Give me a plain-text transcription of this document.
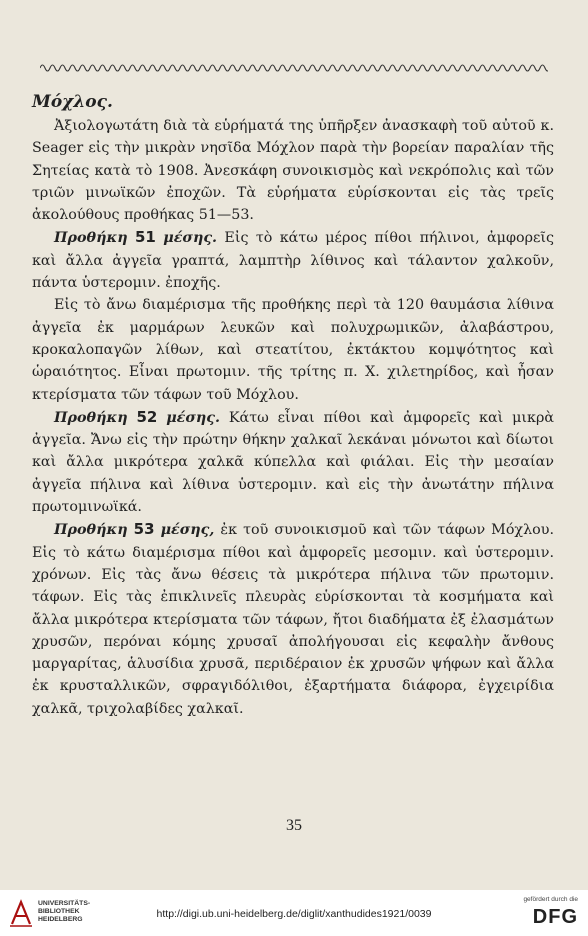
Μόχλος.

Ἀξιολογωτάτη διὰ τὰ εὑρήματά της ὑπῆρξεν ἀνασκαφὴ τοῦ αὐτοῦ κ. Seager εἰς τὴν μικρὰν νησῖδα Μόχλον παρὰ τὴν βορείαν παραλίαν τῆς Σητείας κατὰ τὸ 1908. Ἀνεσκάφη συνοικισμὸς καὶ νεκρόπολις καὶ τῶν τριῶν μινωϊκῶν ἐποχῶν. Τὰ εὑρήματα εὑρίσκονται εἰς τὰς τρεῖς ἀκολούθους προθήκας 51—53.

Προθήκη 51 μέσης. Εἰς τὸ κάτω μέρος πίθοι πήλινοι, ἀμφορεῖς καὶ ἄλλα ἀγγεῖα γραπτά, λαμπτὴρ λίθινος καὶ τάλαντον χαλκοῦν, πάντα ὑστερομιν. ἐποχῆς.

Εἰς τὸ ἄνω διαμέρισμα τῆς προθήκης περὶ τὰ 120 θαυμάσια λίθινα ἀγγεῖα ἐκ μαρμάρων λευκῶν καὶ πολυχρωμικῶν, ἀλαβάστρου, κροκαλοπαγῶν λίθων, καὶ στεατίτου, ἐκτάκτου κομψότητος καὶ ὡραιότητος. Εἶναι πρωτομιν. τῆς τρίτης π. Χ. χιλετηρίδος, καὶ ἦσαν κτερίσματα τῶν τάφων τοῦ Μόχλου.

Προθήκη 52 μέσης. Κάτω εἶναι πίθοι καὶ ἀμφορεῖς καὶ μικρὰ ἀγγεῖα. Ἄνω εἰς τὴν πρώτην θήκην χαλκαῖ λεκάναι μόνωτοι καὶ δίωτοι καὶ ἄλλα μικρότερα χαλκᾶ κύπελλα καὶ φιάλαι. Εἰς τὴν μεσαίαν ἀγγεῖα πήλινα καὶ λίθινα ὑστερομιν. καὶ εἰς τὴν ἀνωτάτην πήλινα πρωτομινωϊκά.

Προθήκη 53 μέσης, ἐκ τοῦ συνοικισμοῦ καὶ τῶν τάφων Μόχλου. Εἰς τὸ κάτω διαμέρισμα πίθοι καὶ ἀμφορεῖς μεσομιν. καὶ ὑστερομιν. χρόνων. Εἰς τὰς ἄνω θέσεις τὰ μικρότερα πήλινα τῶν πρωτομιν. τάφων. Εἰς τὰς ἐπικλινεῖς πλευρὰς εὑρίσκονται τὰ κοσμήματα καὶ ἄλλα μικρότερα κτερίσματα τῶν τάφων, ἤτοι διαδήματα ἐξ ἐλασμάτων χρυσῶν, περόναι κόμης χρυσαῖ ἀπολήγουσαι εἰς κεφαλὴν ἄνθους μαργαρίτας, ἁλυσίδια χρυσᾶ, περιδέραιον ἐκ χρυσῶν ψήφων καὶ ἄλλα ἐκ κρυσταλλικῶν, σφραγιδόλιθοι, ἐξαρτήματα διάφορα, ἐγχειρίδια χαλκᾶ, τριχολαβίδες χαλκαῖ.

35
UNIVERSITÄTS-
BIBLIOTHEK
HEIDELBERG	http://digi.ub.uni-heidelberg.de/diglit/xanthudides1921/0039
gefördert durch die
DFG
